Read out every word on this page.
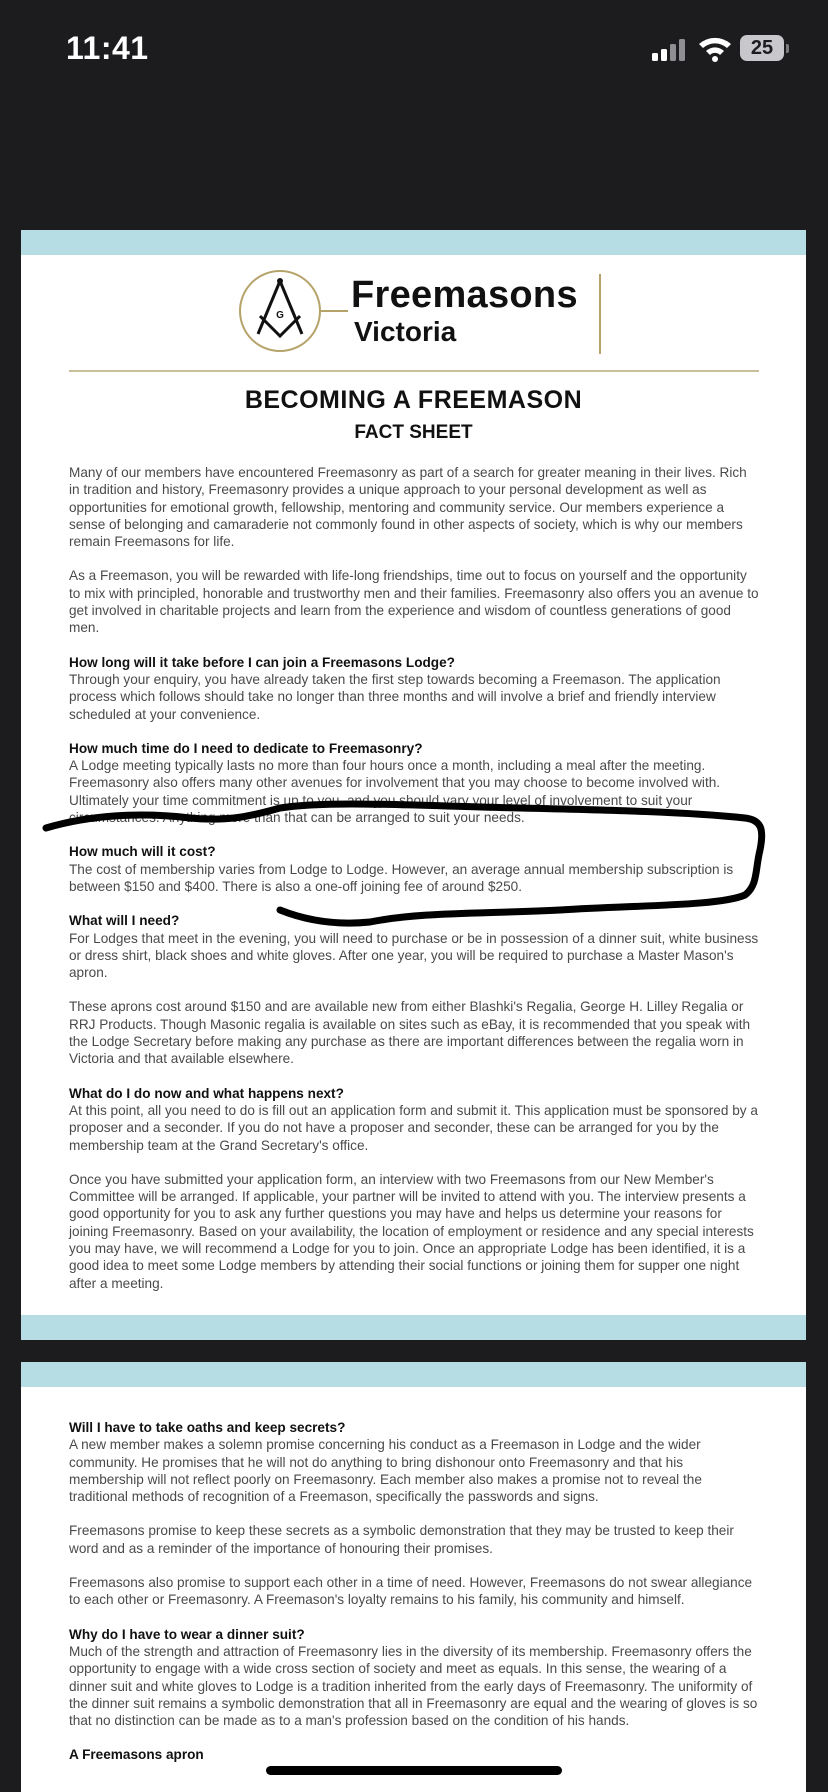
11:41	25
G Freemasons
Victoria
BECOMING A FREEMASON
FACT SHEET

Many of our members have encountered Freemasonry as part of a search for greater meaning in their lives. Rich in tradition and history, Freemasonry provides a unique approach to your personal development as well as opportunities for emotional growth, fellowship, mentoring and community service. Our members experience a sense of belonging and camaraderie not commonly found in other aspects of society, which is why our members remain Freemasons for life.

As a Freemason, you will be rewarded with life-long friendships, time out to focus on yourself and the opportunity to mix with principled, honorable and trustworthy men and their families. Freemasonry also offers you an avenue to get involved in charitable projects and learn from the experience and wisdom of countless generations of good men.

How long will it take before I can join a Freemasons Lodge?

Through your enquiry, you have already taken the first step towards becoming a Freemason. The application process which follows should take no longer than three months and will involve a brief and friendly interview scheduled at your convenience.

How much time do I need to dedicate to Freemasonry?

A Lodge meeting typically lasts no more than four hours once a month, including a meal after the meeting. Freemasonry also offers many other avenues for involvement that you may choose to become involved with. Ultimately your time commitment is up to you, and you should vary your level of involvement to suit your circumstances. Anything more than that can be arranged to suit your needs.

How much will it cost?

The cost of membership varies from Lodge to Lodge. However, an average annual membership subscription is between $150 and $400. There is also a one-off joining fee of around $250.

What will I need?

For Lodges that meet in the evening, you will need to purchase or be in possession of a dinner suit, white business or dress shirt, black shoes and white gloves. After one year, you will be required to purchase a Master Mason's apron.

These aprons cost around $150 and are available new from either Blashki's Regalia, George H. Lilley Regalia or RRJ Products. Though Masonic regalia is available on sites such as eBay, it is recommended that you speak with the Lodge Secretary before making any purchase as there are important differences between the regalia worn in Victoria and that available elsewhere.

What do I do now and what happens next?

At this point, all you need to do is fill out an application form and submit it. This application must be sponsored by a proposer and a seconder. If you do not have a proposer and seconder, these can be arranged for you by the membership team at the Grand Secretary's office.

Once you have submitted your application form, an interview with two Freemasons from our New Member's Committee will be arranged. If applicable, your partner will be invited to attend with you. The interview presents a good opportunity for you to ask any further questions you may have and helps us determine your reasons for joining Freemasonry. Based on your availability, the location of employment or residence and any special interests you may have, we will recommend a Lodge for you to join. Once an appropriate Lodge has been identified, it is a good idea to meet some Lodge members by attending their social functions or joining them for supper one night after a meeting.

Will I have to take oaths and keep secrets?

A new member makes a solemn promise concerning his conduct as a Freemason in Lodge and the wider community. He promises that he will not do anything to bring dishonour onto Freemasonry and that his membership will not reflect poorly on Freemasonry. Each member also makes a promise not to reveal the traditional methods of recognition of a Freemason, specifically the passwords and signs.

Freemasons promise to keep these secrets as a symbolic demonstration that they may be trusted to keep their word and as a reminder of the importance of honouring their promises.

Freemasons also promise to support each other in a time of need. However, Freemasons do not swear allegiance to each other or Freemasonry. A Freemason's loyalty remains to his family, his community and himself.

Why do I have to wear a dinner suit?

Much of the strength and attraction of Freemasonry lies in the diversity of its membership. Freemasonry offers the opportunity to engage with a wide cross section of society and meet as equals. In this sense, the wearing of a dinner suit and white gloves to Lodge is a tradition inherited from the early days of Freemasonry. The uniformity of the dinner suit remains a symbolic demonstration that all in Freemasonry are equal and the wearing of gloves is so that no distinction can be made as to a man's profession based on the condition of his hands.

A Freemasons apron
